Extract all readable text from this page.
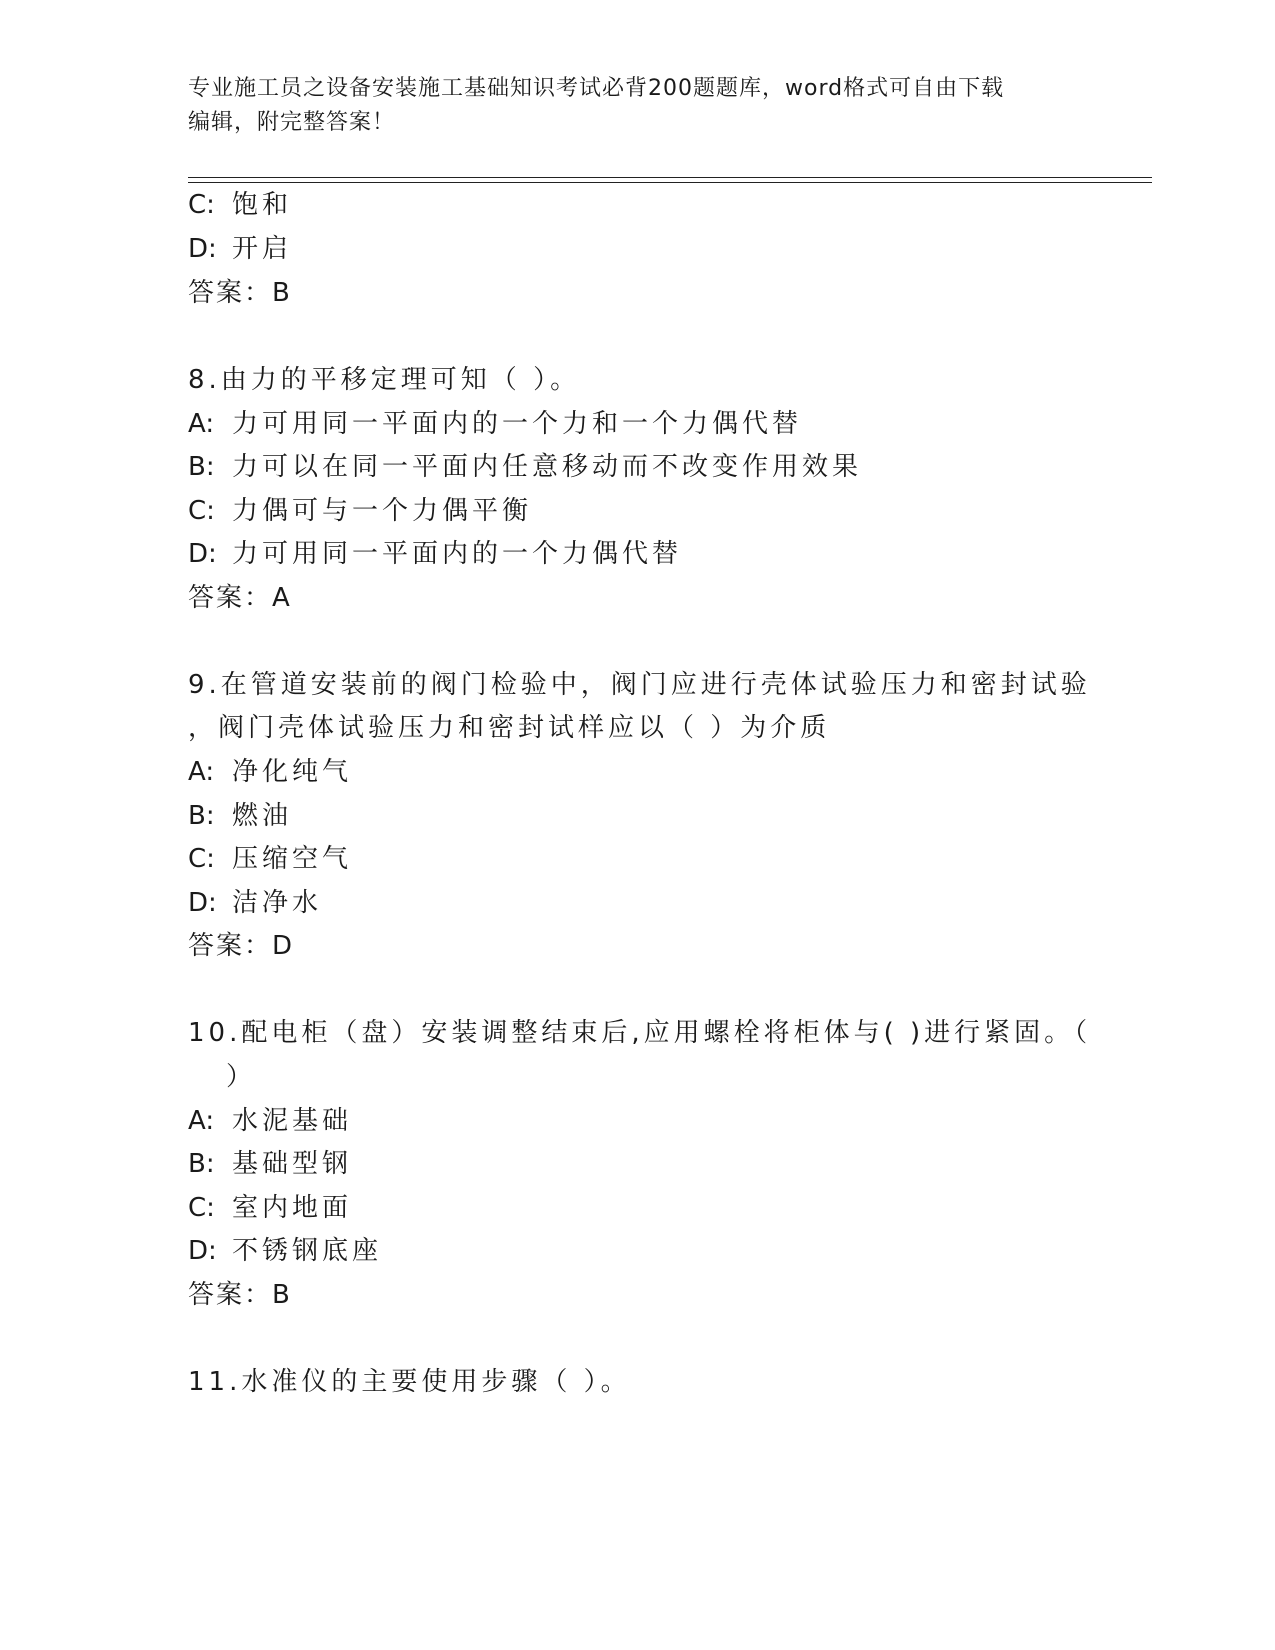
专业施工员之设备安装施工基础知识考试必背200题题库，word格式可自由下载
编辑，附完整答案！
C: 饱和
D: 开启
答案：B
8.由力的平移定理可知（ ）。
A: 力可用同一平面内的一个力和一个力偶代替
B: 力可以在同一平面内任意移动而不改变作用效果
C: 力偶可与一个力偶平衡
D: 力可用同一平面内的一个力偶代替
答案：A
9.在管道安装前的阀门检验中，阀门应进行壳体试验压力和密封试验
，阀门壳体试验压力和密封试样应以（ ）为介质
A: 净化纯气
B: 燃油
C: 压缩空气
D: 洁净水
答案：D
10.配电柜（盘）安装调整结束后,应用螺栓将柜体与( )进行紧固。（
）
A: 水泥基础
B: 基础型钢
C: 室内地面
D: 不锈钢底座
答案：B
11.水准仪的主要使用步骤（ ）。
